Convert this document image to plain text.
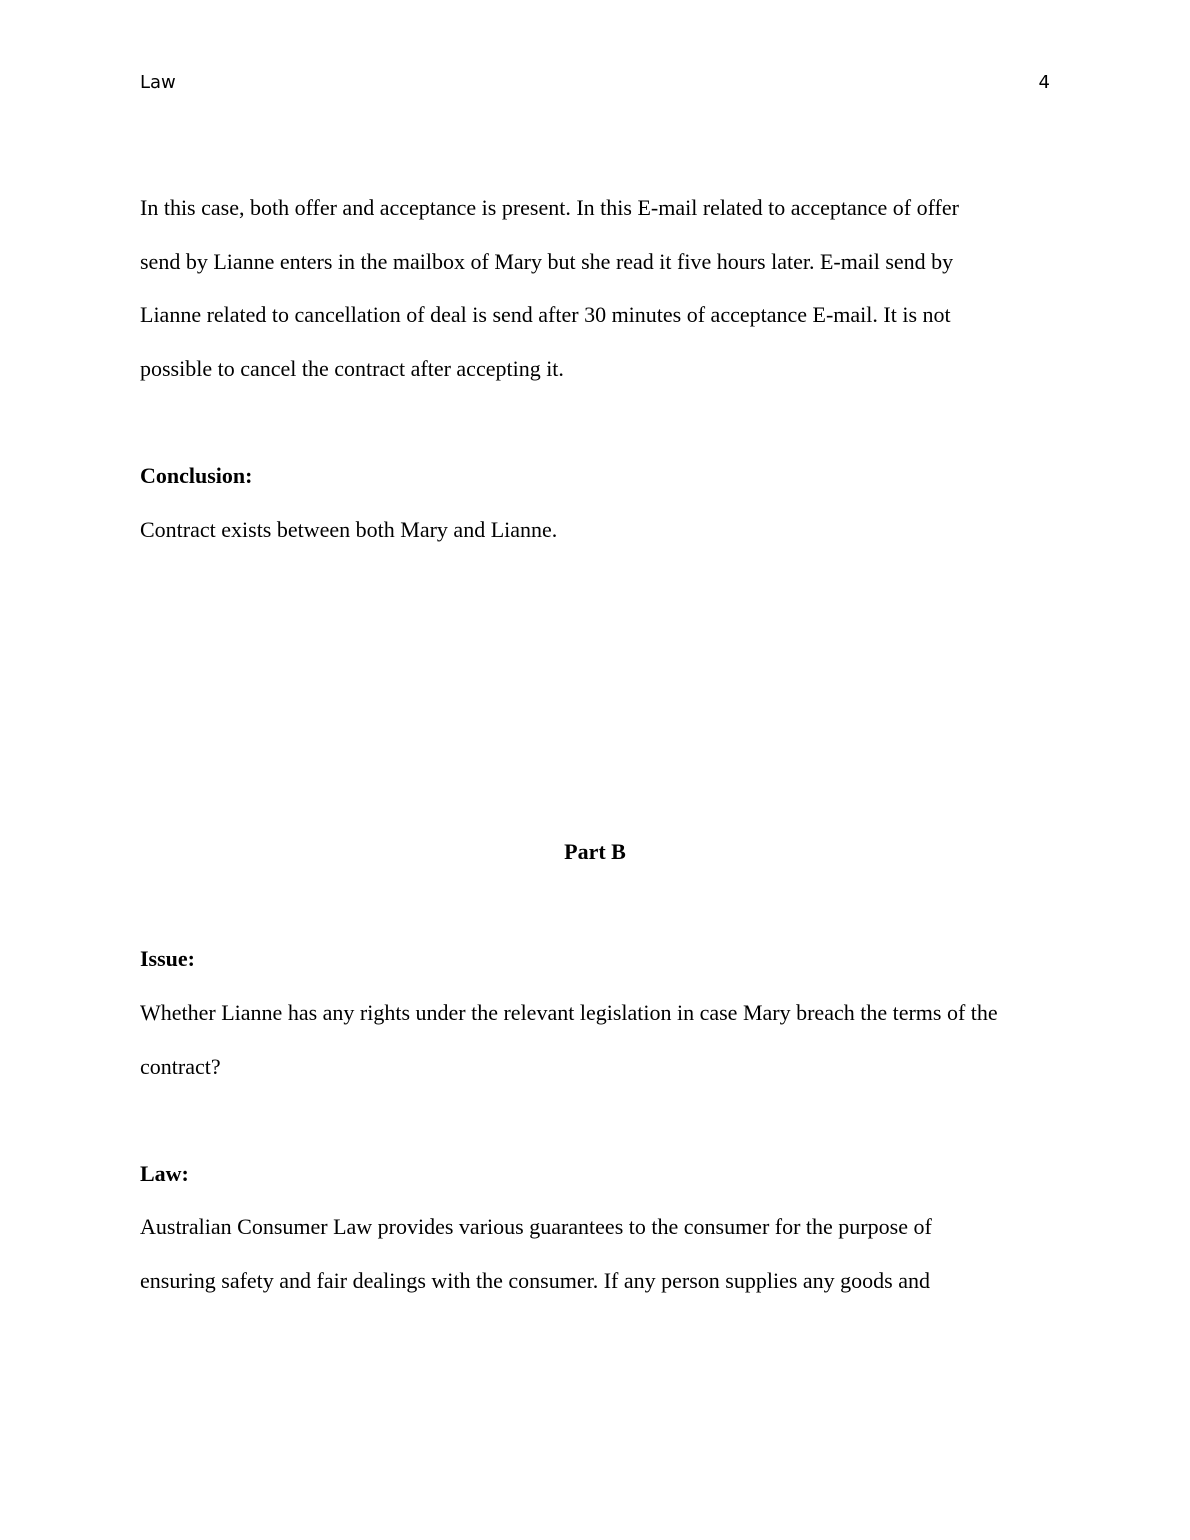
Law	4
In this case, both offer and acceptance is present. In this E-mail related to acceptance of offer
send by Lianne enters in the mailbox of Mary but she read it five hours later. E-mail send by
Lianne related to cancellation of deal is send after 30 minutes of acceptance E-mail. It is not
possible to cancel the contract after accepting it.
Conclusion:
Contract exists between both Mary and Lianne.
Part B
Issue:
Whether Lianne has any rights under the relevant legislation in case Mary breach the terms of the
contract?
Law:
Australian Consumer Law provides various guarantees to the consumer for the purpose of
ensuring safety and fair dealings with the consumer. If any person supplies any goods and
